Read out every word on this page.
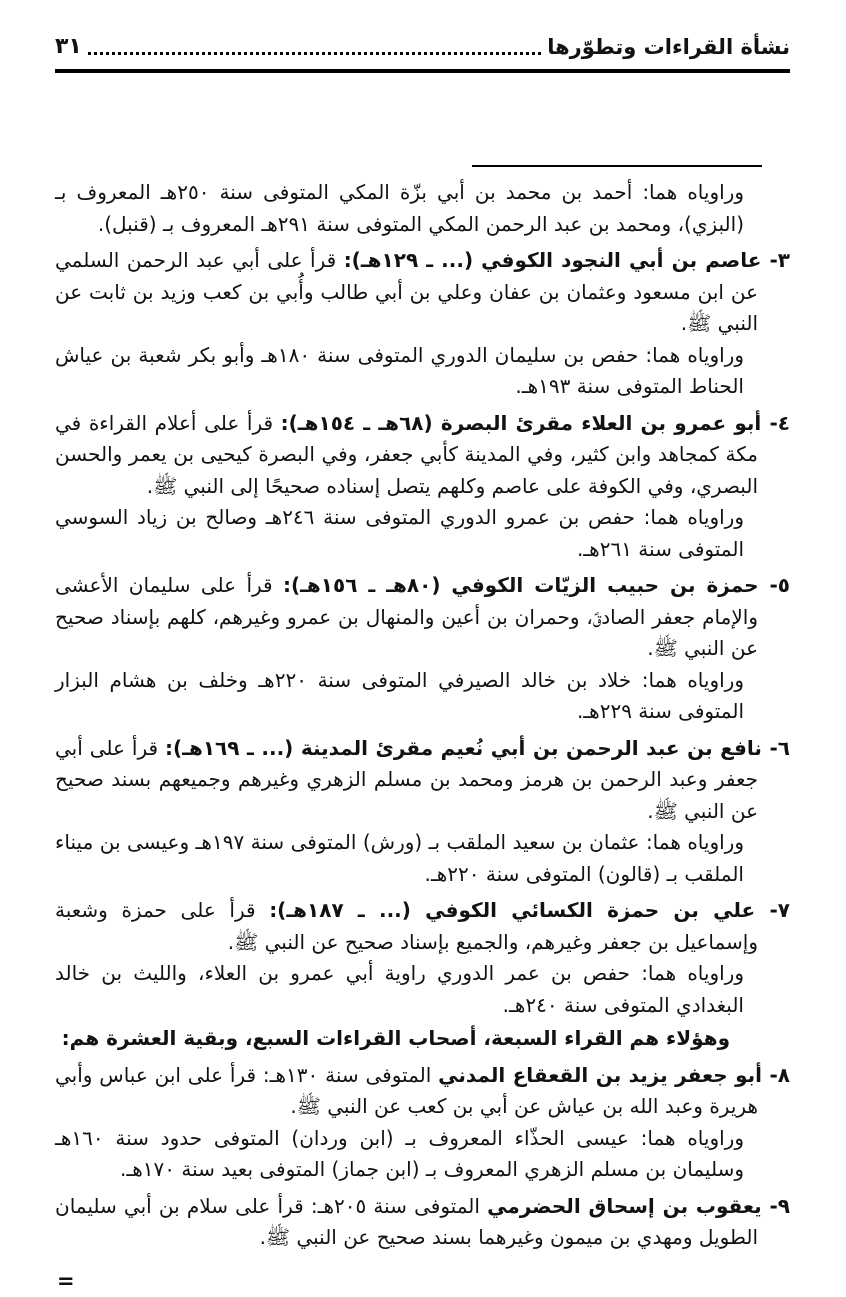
نشأة القراءات وتطوّرها
٣١

وراوياه هما: أحمد بن محمد بن أبي بزّة المكي المتوفى سنة ٢٥٠هـ المعروف بـ (البزي)، ومحمد بن عبد الرحمن المكي المتوفى سنة ٢٩١هـ المعروف بـ (قنبل).

٣- عاصم بن أبي النجود الكوفي (... ـ ١٢٩هـ): قرأ على أبي عبد الرحمن السلمي عن ابن مسعود وعثمان بن عفان وعلي بن أبي طالب وأُبي بن كعب وزيد بن ثابت عن النبي ﷺ.

وراوياه هما: حفص بن سليمان الدوري المتوفى سنة ١٨٠هـ وأبو بكر شعبة بن عياش الحناط المتوفى سنة ١٩٣هـ.

٤- أبو عمرو بن العلاء مقرئ البصرة (٦٨هـ ـ ١٥٤هـ): قرأ على أعلام القراءة في مكة كمجاهد وابن كثير، وفي المدينة كأبي جعفر، وفي البصرة كيحيى بن يعمر والحسن البصري، وفي الكوفة على عاصم وكلهم يتصل إسناده صحيحًا إلى النبي ﷺ.

وراوياه هما: حفص بن عمرو الدوري المتوفى سنة ٢٤٦هـ وصالح بن زياد السوسي المتوفى سنة ٢٦١هـ.

٥- حمزة بن حبيب الزيّات الكوفي (٨٠هـ ـ ١٥٦هـ): قرأ على سليمان الأعشى والإمام جعفر الصادقؑ، وحمران بن أعين والمنهال بن عمرو وغيرهم، كلهم بإسناد صحيح عن النبي ﷺ.

وراوياه هما: خلاد بن خالد الصيرفي المتوفى سنة ٢٢٠هـ وخلف بن هشام البزار المتوفى سنة ٢٢٩هـ.

٦- نافع بن عبد الرحمن بن أبي نُعيم مقرئ المدينة (... ـ ١٦٩هـ): قرأ على أبي جعفر وعبد الرحمن بن هرمز ومحمد بن مسلم الزهري وغيرهم وجميعهم بسند صحيح عن النبي ﷺ.

وراوياه هما: عثمان بن سعيد الملقب بـ (ورش) المتوفى سنة ١٩٧هـ وعيسى بن ميناء الملقب بـ (قالون) المتوفى سنة ٢٢٠هـ.

٧- علي بن حمزة الكسائي الكوفي (... ـ ١٨٧هـ): قرأ على حمزة وشعبة وإسماعيل بن جعفر وغيرهم، والجميع بإسناد صحيح عن النبي ﷺ.

وراوياه هما: حفص بن عمر الدوري راوية أبي عمرو بن العلاء، والليث بن خالد البغدادي المتوفى سنة ٢٤٠هـ.

وهؤلاء هم القراء السبعة، أصحاب القراءات السبع، وبقية العشرة هم:

٨- أبو جعفر يزيد بن القعقاع المدني المتوفى سنة ١٣٠هـ: قرأ على ابن عباس وأبي هريرة وعبد الله بن عياش عن أبي بن كعب عن النبي ﷺ.

وراوياه هما: عيسى الحذّاء المعروف بـ (ابن وردان) المتوفى حدود سنة ١٦٠هـ وسليمان بن مسلم الزهري المعروف بـ (ابن جماز) المتوفى بعيد سنة ١٧٠هـ.

٩- يعقوب بن إسحاق الحضرمي المتوفى سنة ٢٠٥هـ: قرأ على سلام بن أبي سليمان الطويل ومهدي بن ميمون وغيرهما بسند صحيح عن النبي ﷺ.

=
